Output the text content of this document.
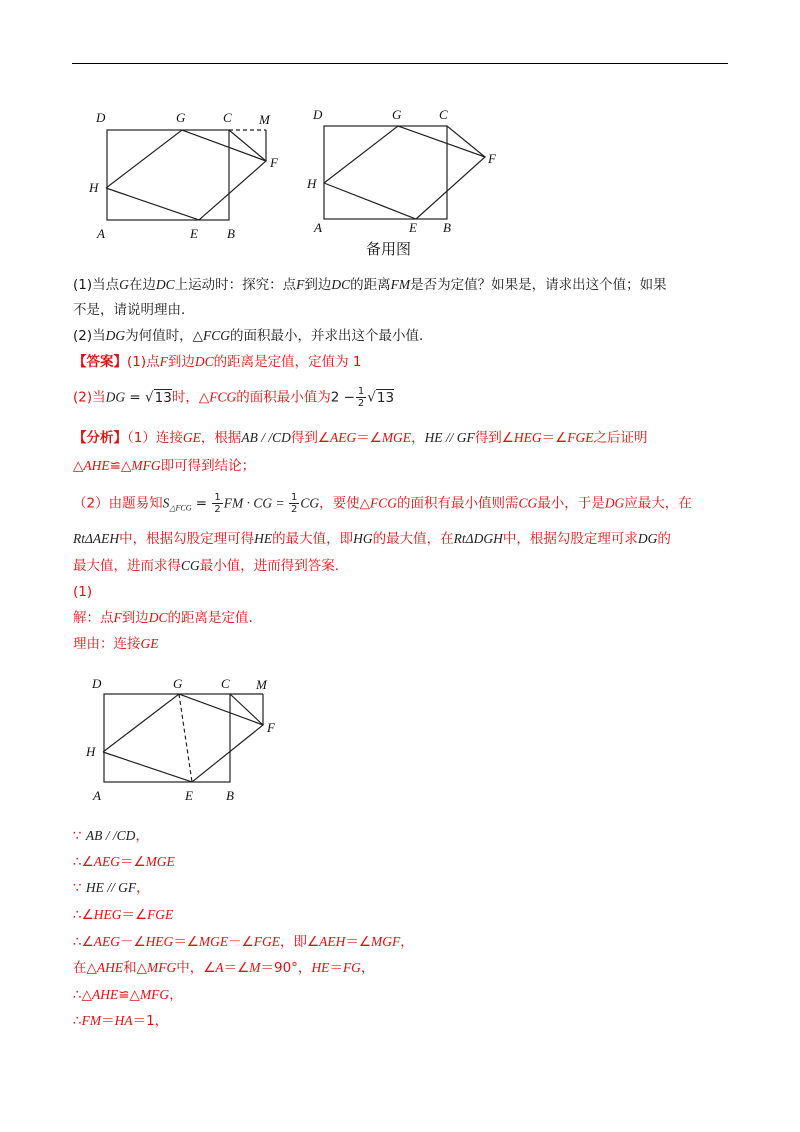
D	G	C M
H
F
A	E B
D	G	C
H
F
A	E B
备用图
(1)当点G在边DC上运动时：探究：点F到边DC的距离FM是否为定值？如果是，请求出这个值；如果
不是，请说明理由.
(2)当DG为何值时，△FCG的面积最小，并求出这个最小值.
【答案】(1)点F到边DC的距离是定值，定值为 1
(2)当DG = √13时，△FCG的面积最小值为$2 - \frac{1}{2} √13$
【分析】（1）连接GE，根据AB / /CD得到∠AEG＝∠MGE，HE // GF得到∠HEG＝∠FGE之后证明
△AHE≌△MFG即可得到结论；
（2）由题易知$S_{\triangle FCG} = \frac{1}{2}$ FM · CG = $\frac{1}{2}$ CG，要使△FCG的面积有最小值则需CG最小，于是DG应最大，在
RtΔAEH中，根据勾股定理可得HE的最大值，即HG的最大值，在RtΔDGH中，根据勾股定理可求DG的
最大值，进而求得CG最小值，进而得到答案.
(1)
解：点F到边DC的距离是定值.
理由：连接GE
D	G	C M
H
F
A	E	B
∵ AB / /CD，
∴∠AEG＝∠MGE
∵ HE // GF，
∴∠HEG＝∠FGE
∴∠AEG－∠HEG＝∠MGE－∠FGE，即∠AEH＝∠MGF，
在△AHE和△MFG中，∠A＝∠M＝90°，HE＝FG，
∴△AHE≌△MFG，
∴FM＝HA＝1，
